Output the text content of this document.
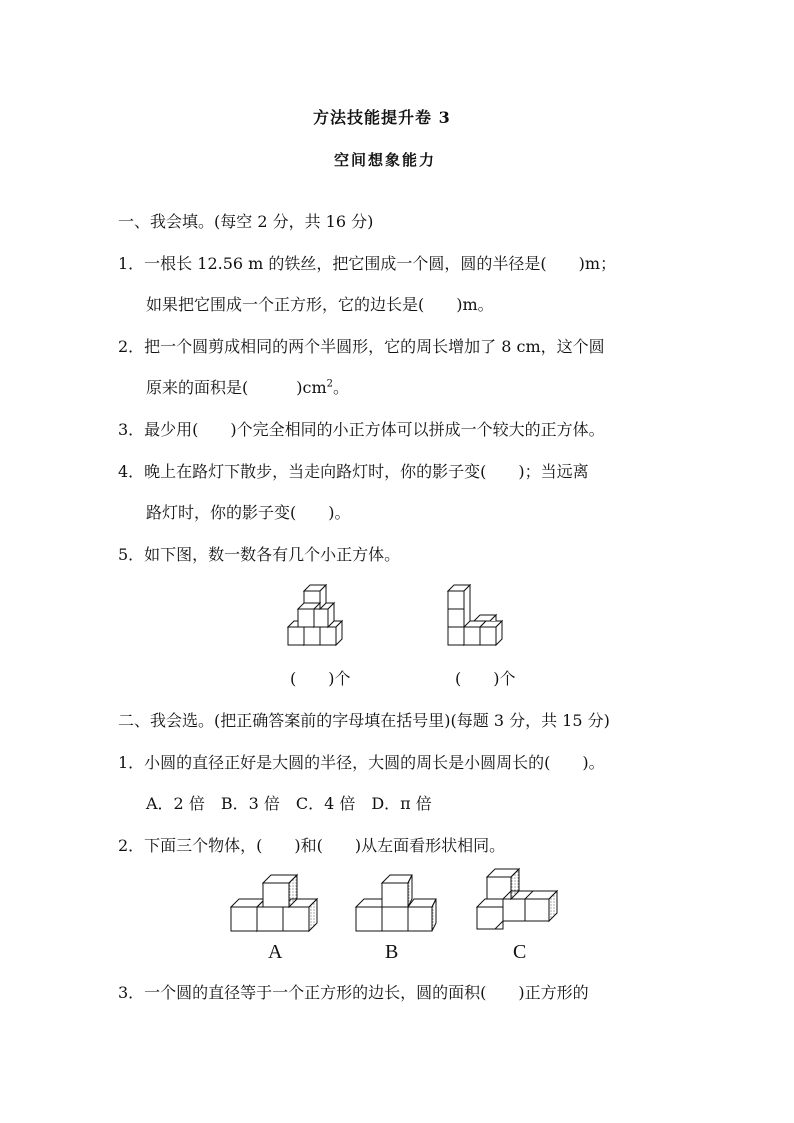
方法技能提升卷 3
空间想象能力
一、我会填。(每空 2 分，共 16 分)
1．一根长 12.56 m 的铁丝，把它围成一个圆，圆的半径是(　　)m；
如果把它围成一个正方形，它的边长是(　　)m。
2．把一个圆剪成相同的两个半圆形，它的周长增加了 8 cm，这个圆
原来的面积是(　　　)$cm^2$。
3．最少用(　　)个完全相同的小正方体可以拼成一个较大的正方体。
4．晚上在路灯下散步，当走向路灯时，你的影子变(　　)；当远离
路灯时，你的影子变(　　)。
5．如下图，数一数各有几个小正方体。
(　　)个	(　　)个
二、我会选。(把正确答案前的字母填在括号里)(每题 3 分，共 15 分)
1．小圆的直径正好是大圆的半径，大圆的周长是小圆周长的(　　)。
A．2 倍　B．3 倍　C．4 倍　D．π 倍
2．下面三个物体，(　　)和(　　)从左面看形状相同。
A	B	C
3．一个圆的直径等于一个正方形的边长，圆的面积(　　)正方形的
